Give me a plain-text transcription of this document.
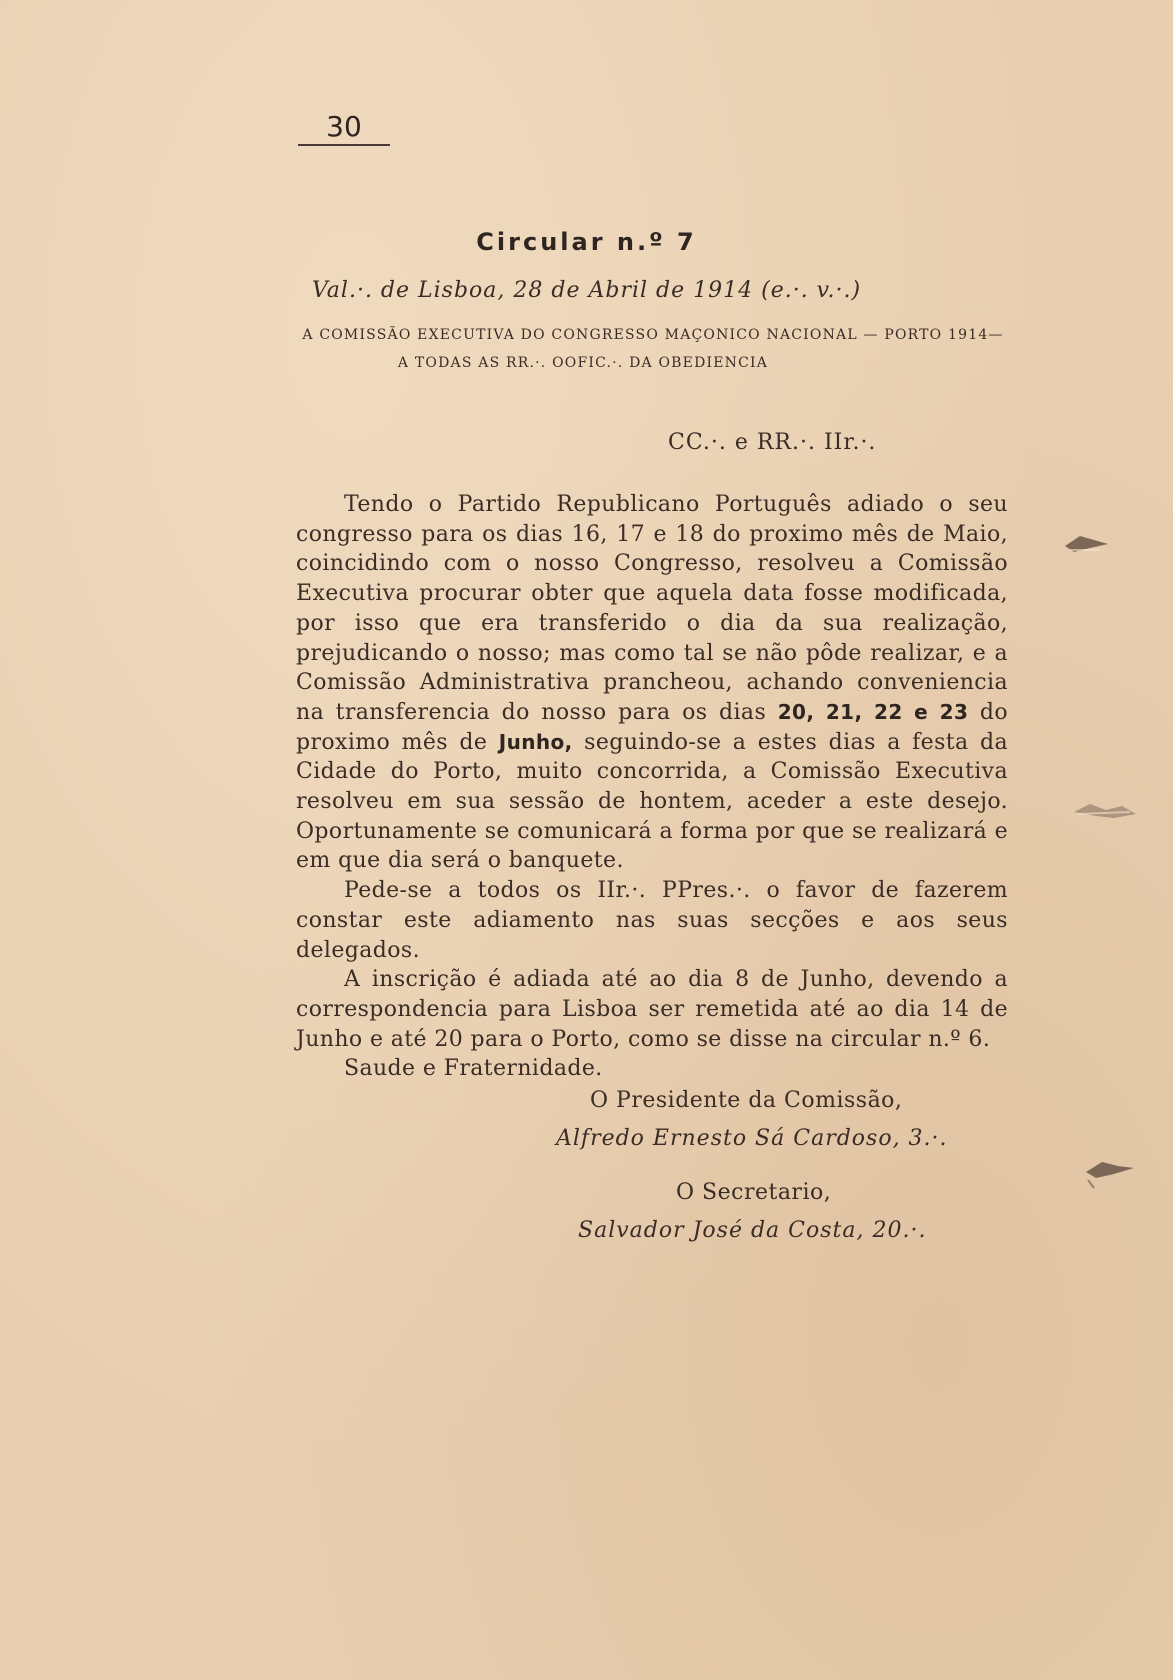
30
Circular n.º 7
Val.·. de Lisboa, 28 de Abril de 1914 (e.·. v.·.)
A COMISSÃO EXECUTIVA DO CONGRESSO MAÇONICO NACIONAL — PORTO 1914—
A TODAS AS RR.·. OOFIC.·. DA OBEDIENCIA
CC.·. e RR.·. IIr.·.

Tendo o Partido Republicano Português adiado o seu congresso para os dias 16, 17 e 18 do proximo mês de Maio, coincidindo com o nosso Congresso, resolveu a Comissão Executiva procurar obter que aquela data fosse modificada, por isso que era transferido o dia da sua realização, prejudicando o nosso; mas como tal se não pôde realizar, e a Comissão Administrativa prancheou, achando conveniencia na transferencia do nosso para os dias 20, 21, 22 e 23 do proximo mês de Junho, seguindo-se a estes dias a festa da Cidade do Porto, muito concorrida, a Comissão Executiva resolveu em sua sessão de hontem, aceder a este desejo. Oportunamente se comunicará a forma por que se realizará e em que dia será o banquete.

Pede-se a todos os IIr.·. PPres.·. o favor de fazerem constar este adiamento nas suas secções e aos seus delegados.

A inscrição é adiada até ao dia 8 de Junho, devendo a correspondencia para Lisboa ser remetida até ao dia 14 de Junho e até 20 para o Porto, como se disse na circular n.º 6.

Saude e Fraternidade.

O Presidente da Comissão,
Alfredo Ernesto Sá Cardoso, 3.·.
O Secretario,
Salvador José da Costa, 20.·.
